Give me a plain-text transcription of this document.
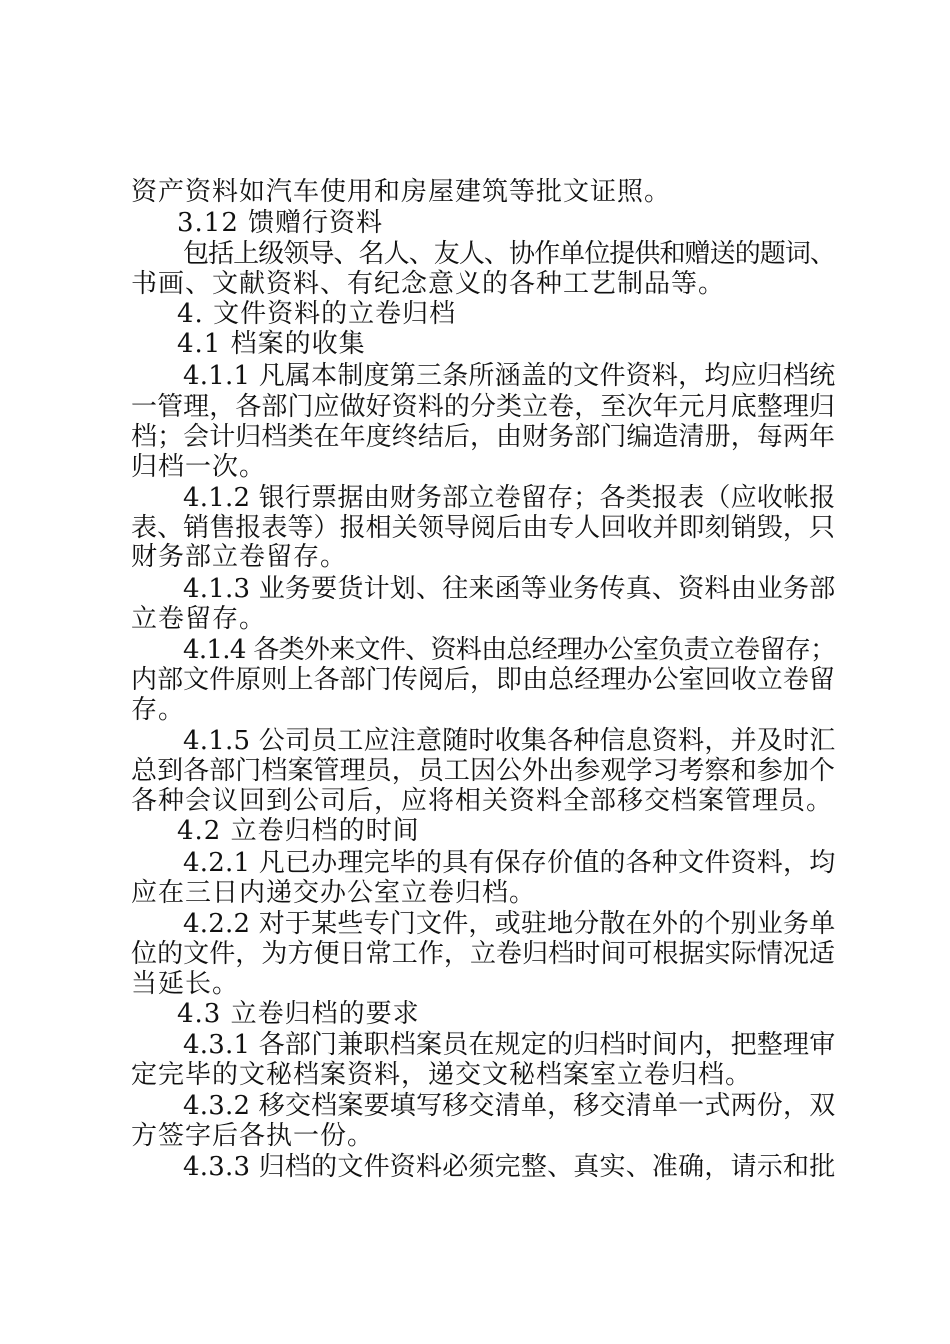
资产资料如汽车使用和房屋建筑等批文证照。

3.12 馈赠行资料

包括上级领导、名人、友人、协作单位提供和赠送的题词、

书画、文献资料、有纪念意义的各种工艺制品等。

4. 文件资料的立卷归档

4.1 档案的收集

4.1.1 凡属本制度第三条所涵盖的文件资料，均应归档统

一管理，各部门应做好资料的分类立卷，至次年元月底整理归

档；会计归档类在年度终结后，由财务部门编造清册，每两年

归档一次。

4.1.2 银行票据由财务部立卷留存；各类报表（应收帐报

表、销售报表等）报相关领导阅后由专人回收并即刻销毁，只

财务部立卷留存。

4.1.3 业务要货计划、往来函等业务传真、资料由业务部

立卷留存。

4.1.4 各类外来文件、资料由总经理办公室负责立卷留存；

内部文件原则上各部门传阅后，即由总经理办公室回收立卷留

存。

4.1.5 公司员工应注意随时收集各种信息资料，并及时汇

总到各部门档案管理员，员工因公外出参观学习考察和参加个

各种会议回到公司后，应将相关资料全部移交档案管理员。

4.2 立卷归档的时间

4.2.1 凡已办理完毕的具有保存价值的各种文件资料，均

应在三日内递交办公室立卷归档。

4.2.2 对于某些专门文件，或驻地分散在外的个别业务单

位的文件，为方便日常工作，立卷归档时间可根据实际情况适

当延长。

4.3 立卷归档的要求

4.3.1 各部门兼职档案员在规定的归档时间内，把整理审

定完毕的文秘档案资料，递交文秘档案室立卷归档。

4.3.2 移交档案要填写移交清单，移交清单一式两份，双

方签字后各执一份。

4.3.3 归档的文件资料必须完整、真实、准确，请示和批
